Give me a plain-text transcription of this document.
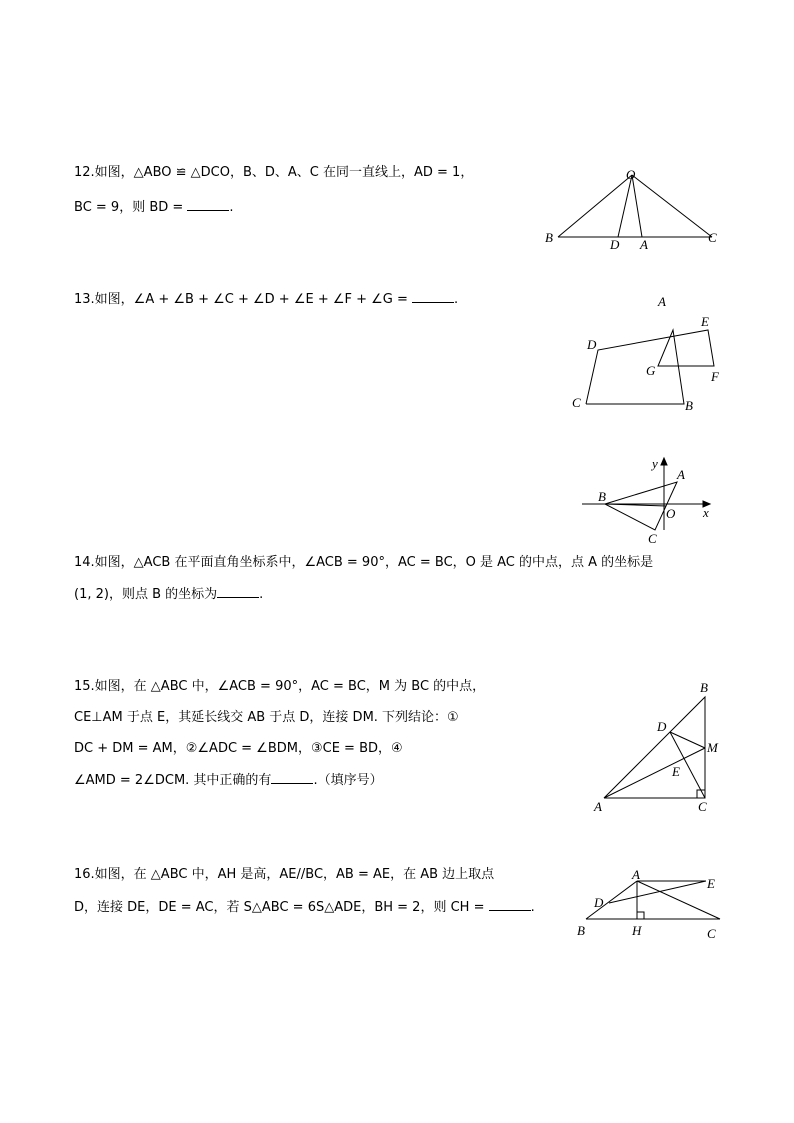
12.如图，△ABO ≌ △DCO，B、D、A、C 在同一直线上，AD = 1，
BC = 9，则 BD =	.
O
B	D A	C
13.如图，∠A + ∠B + ∠C + ∠D + ∠E + ∠F + ∠G =	.	A
E
D
G	F
C	B
y
A
B
O x
C
14.如图，△ACB 在平面直角坐标系中，∠ACB = 90°，AC = BC，O 是 AC 的中点，点 A 的坐标是
(1, 2)，则点 B 的坐标为	.
15.如图，在 △ABC 中，∠ACB = 90°，AC = BC，M 为 BC 的中点，
CE⊥AM 于点 E，其延长线交 AB 于点 D，连接 DM. 下列结论：①
DC + DM = AM，②∠ADC = ∠BDM，③CE = BD，④
∠AMD = 2∠DCM. 其中正确的有	.（填序号）
B
D
M
E
A	C
16.如图，在 △ABC 中，AH 是高，AE//BC，AB = AE，在 AB 边上取点
D，连接 DE，DE = AC，若 S△ABC = 6S△ADE，BH = 2，则 CH =	.
A
E
D
B	H	C
